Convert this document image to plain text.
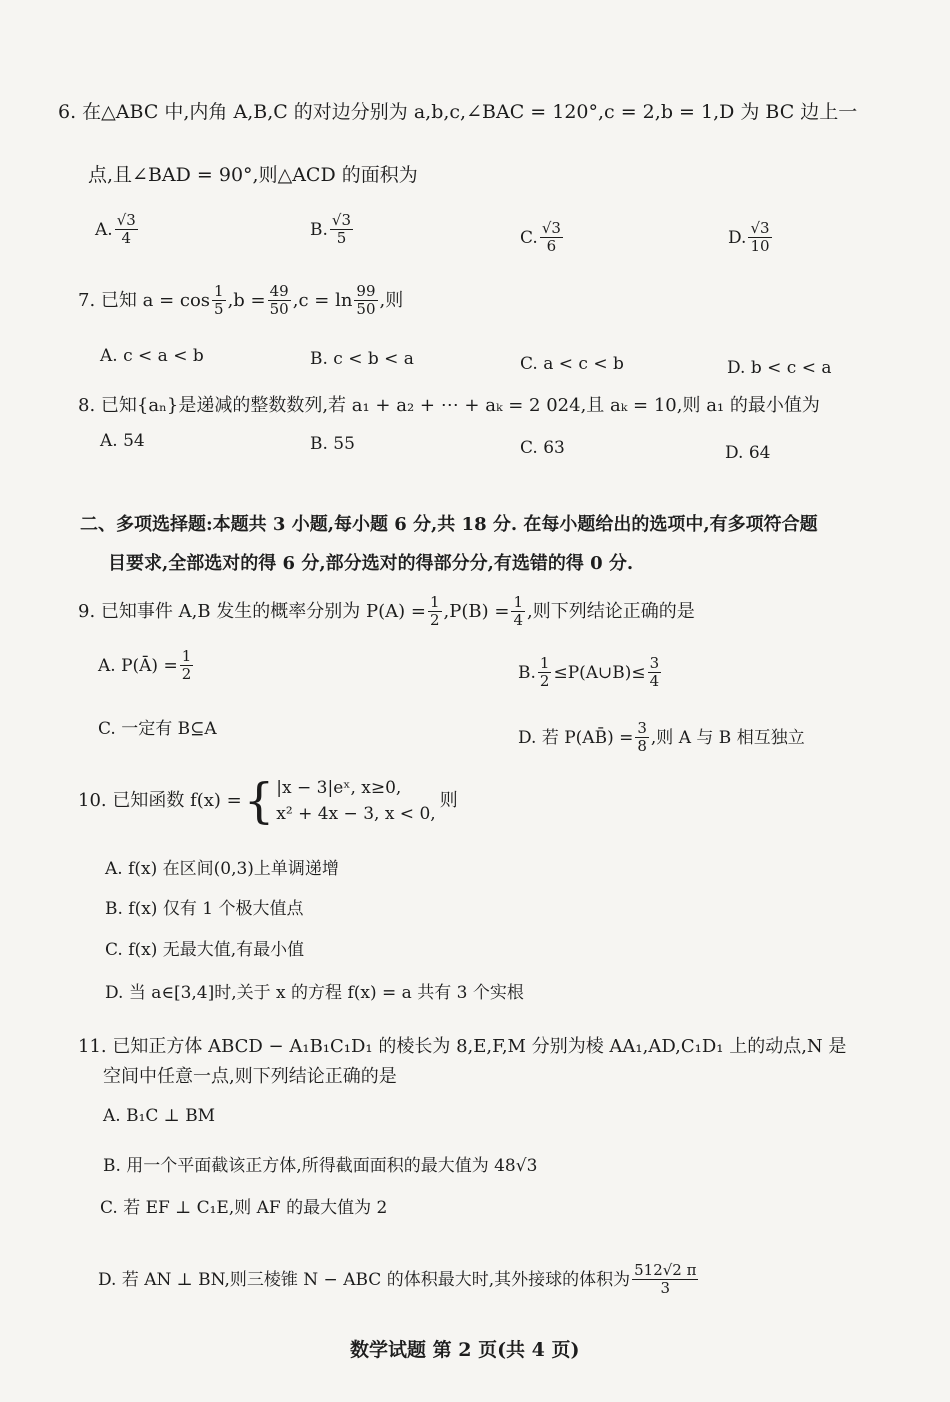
6. 在△ABC 中,内角 A,B,C 的对边分别为 a,b,c,∠BAC = 120°,c = 2,b = 1,D 为 BC 边上一
点,且∠BAD = 90°,则△ACD 的面积为
A. $\frac{√3}{4}$	B. $\frac{√3}{5}$	C. $\frac{√3}{6}$	D. $\frac{√3}{10}$
7. 已知 $a = \cos \frac{1}{5} ,b = \frac{49}{50} ,c = \ln \frac{99}{50}$ ,则
A. c < a < b	B. c < b < a	C. a < c < b	D. b < c < a
8. 已知{aₙ}是递减的整数数列,若 a₁ + a₂ + ⋯ + aₖ = 2 024,且 aₖ = 10,则 a₁ 的最小值为
A. 54	B. 55	C. 63	D. 64
二、多项选择题:本题共 3 小题,每小题 6 分,共 18 分. 在每小题给出的选项中,有多项符合题
目要求,全部选对的得 6 分,部分选对的得部分分,有选错的得 0 分.
9. 已知事件 A,B 发生的概率分别为 $P(A) = \frac{1}{2} ,P(B) = \frac{1}{4}$ ,则下列结论正确的是
A. P(Ā) = $\frac{1}{2}$	B. $\frac{1}{2}$ ≤P(A∪B)≤ $\frac{3}{4}$
C. 一定有 B⊆A	D. 若 P(AB̄) = $\frac{3}{8}$ ,则 A 与 B 相互独立
10. 已知函数 f(x) = { |x − 3|eˣ, x≥0,
x² + 4x − 3, x < 0,
则
A. f(x) 在区间(0,3)上单调递增
B. f(x) 仅有 1 个极大值点
C. f(x) 无最大值,有最小值
D. 当 a∈[3,4]时,关于 x 的方程 f(x) = a 共有 3 个实根
11. 已知正方体 ABCD − A₁B₁C₁D₁ 的棱长为 8,E,F,M 分别为棱 AA₁,AD,C₁D₁ 上的动点,N 是
空间中任意一点,则下列结论正确的是
A. B₁C ⊥ BM
B. 用一个平面截该正方体,所得截面面积的最大值为 48√3
C. 若 EF ⊥ C₁E,则 AF 的最大值为 2
D. 若 AN ⊥ BN,则三棱锥 N − ABC 的体积最大时,其外接球的体积为 $\frac{512√2 \pi}{3}$
数学试题 第 2 页(共 4 页)
